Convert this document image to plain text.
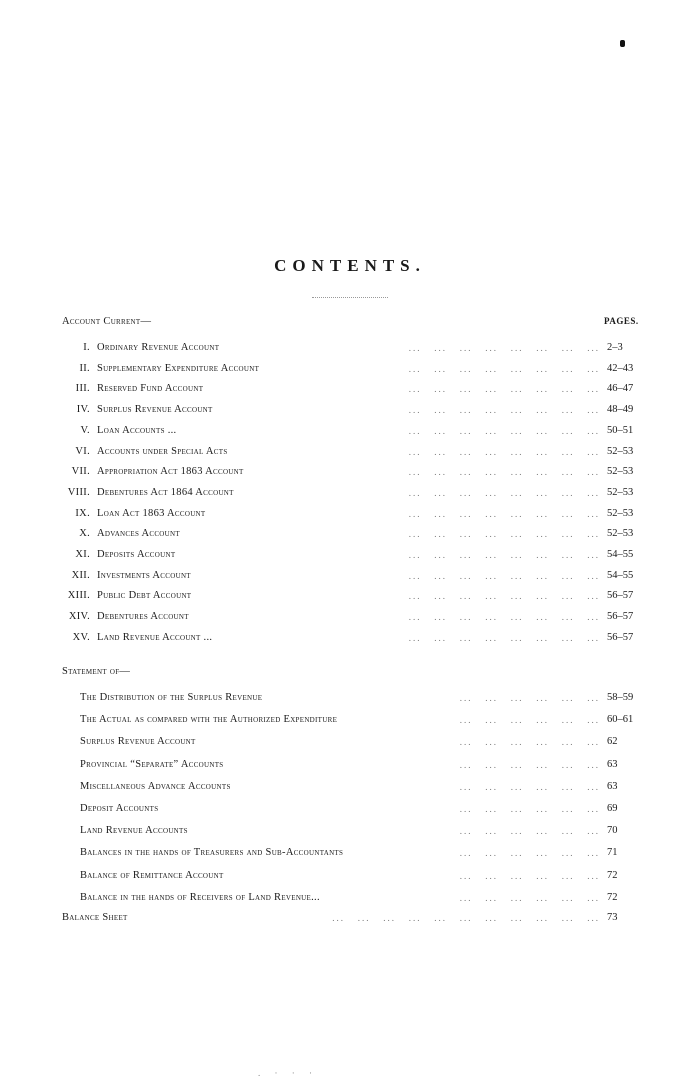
CONTENTS.
Account Current—	PAGES.
I. Ordinary Revenue Account	...   ...   ...   ...   ...   ...   ...   ... 2–3
II. Supplementary Expenditure Account	...   ...   ...   ...   ...   ...   ...   ... 42–43
III. Reserved Fund Account	...   ...   ...   ...   ...   ...   ...   ... 46–47
IV. Surplus Revenue Account	...   ...   ...   ...   ...   ...   ...   ... 48–49
V. Loan Accounts ...	...   ...   ...   ...   ...   ...   ...   ... 50–51
VI. Accounts under Special Acts	...   ...   ...   ...   ...   ...   ...   ... 52–53
VII. Appropriation Act 1863 Account	...   ...   ...   ...   ...   ...   ...   ... 52–53
VIII. Debentures Act 1864 Account	...   ...   ...   ...   ...   ...   ...   ... 52–53
IX. Loan Act 1863 Account	...   ...   ...   ...   ...   ...   ...   ... 52–53
X. Advances Account	...   ...   ...   ...   ...   ...   ...   ... 52–53
XI. Deposits Account	...   ...   ...   ...   ...   ...   ...   ... 54–55
XII. Investments Account	...   ...   ...   ...   ...   ...   ...   ... 54–55
XIII. Public Debt Account	...   ...   ...   ...   ...   ...   ...   ... 56–57
XIV. Debentures Account	...   ...   ...   ...   ...   ...   ...   ... 56–57
XV. Land Revenue Account ...	...   ...   ...   ...   ...   ...   ...   ... 56–57
Statement of—
The Distribution of the Surplus Revenue	...   ...   ...   ...   ...   ... 58–59
The Actual as compared with the Authorized Expenditure	...   ...   ...   ...   ...   ... 60–61
Surplus Revenue Account	...   ...   ...   ...   ...   ... 62
Provincial “Separate” Accounts	...   ...   ...   ...   ...   ... 63
Miscellaneous Advance Accounts	...   ...   ...   ...   ...   ... 63
Deposit Accounts	...   ...   ...   ...   ...   ... 69
Land Revenue Accounts	...   ...   ...   ...   ...   ... 70
Balances in the hands of Treasurers and Sub-Accountants	...   ...   ...   ...   ...   ... 71
Balance of Remittance Account	...   ...   ...   ...   ...   ... 72
Balance in the hands of Receivers of Land Revenue...	...   ...   ...   ...   ...   ... 72
Balance Sheet	...   ...   ...   ...   ...   ...   ...   ...   ...   ...   ... 73
. · · ·
